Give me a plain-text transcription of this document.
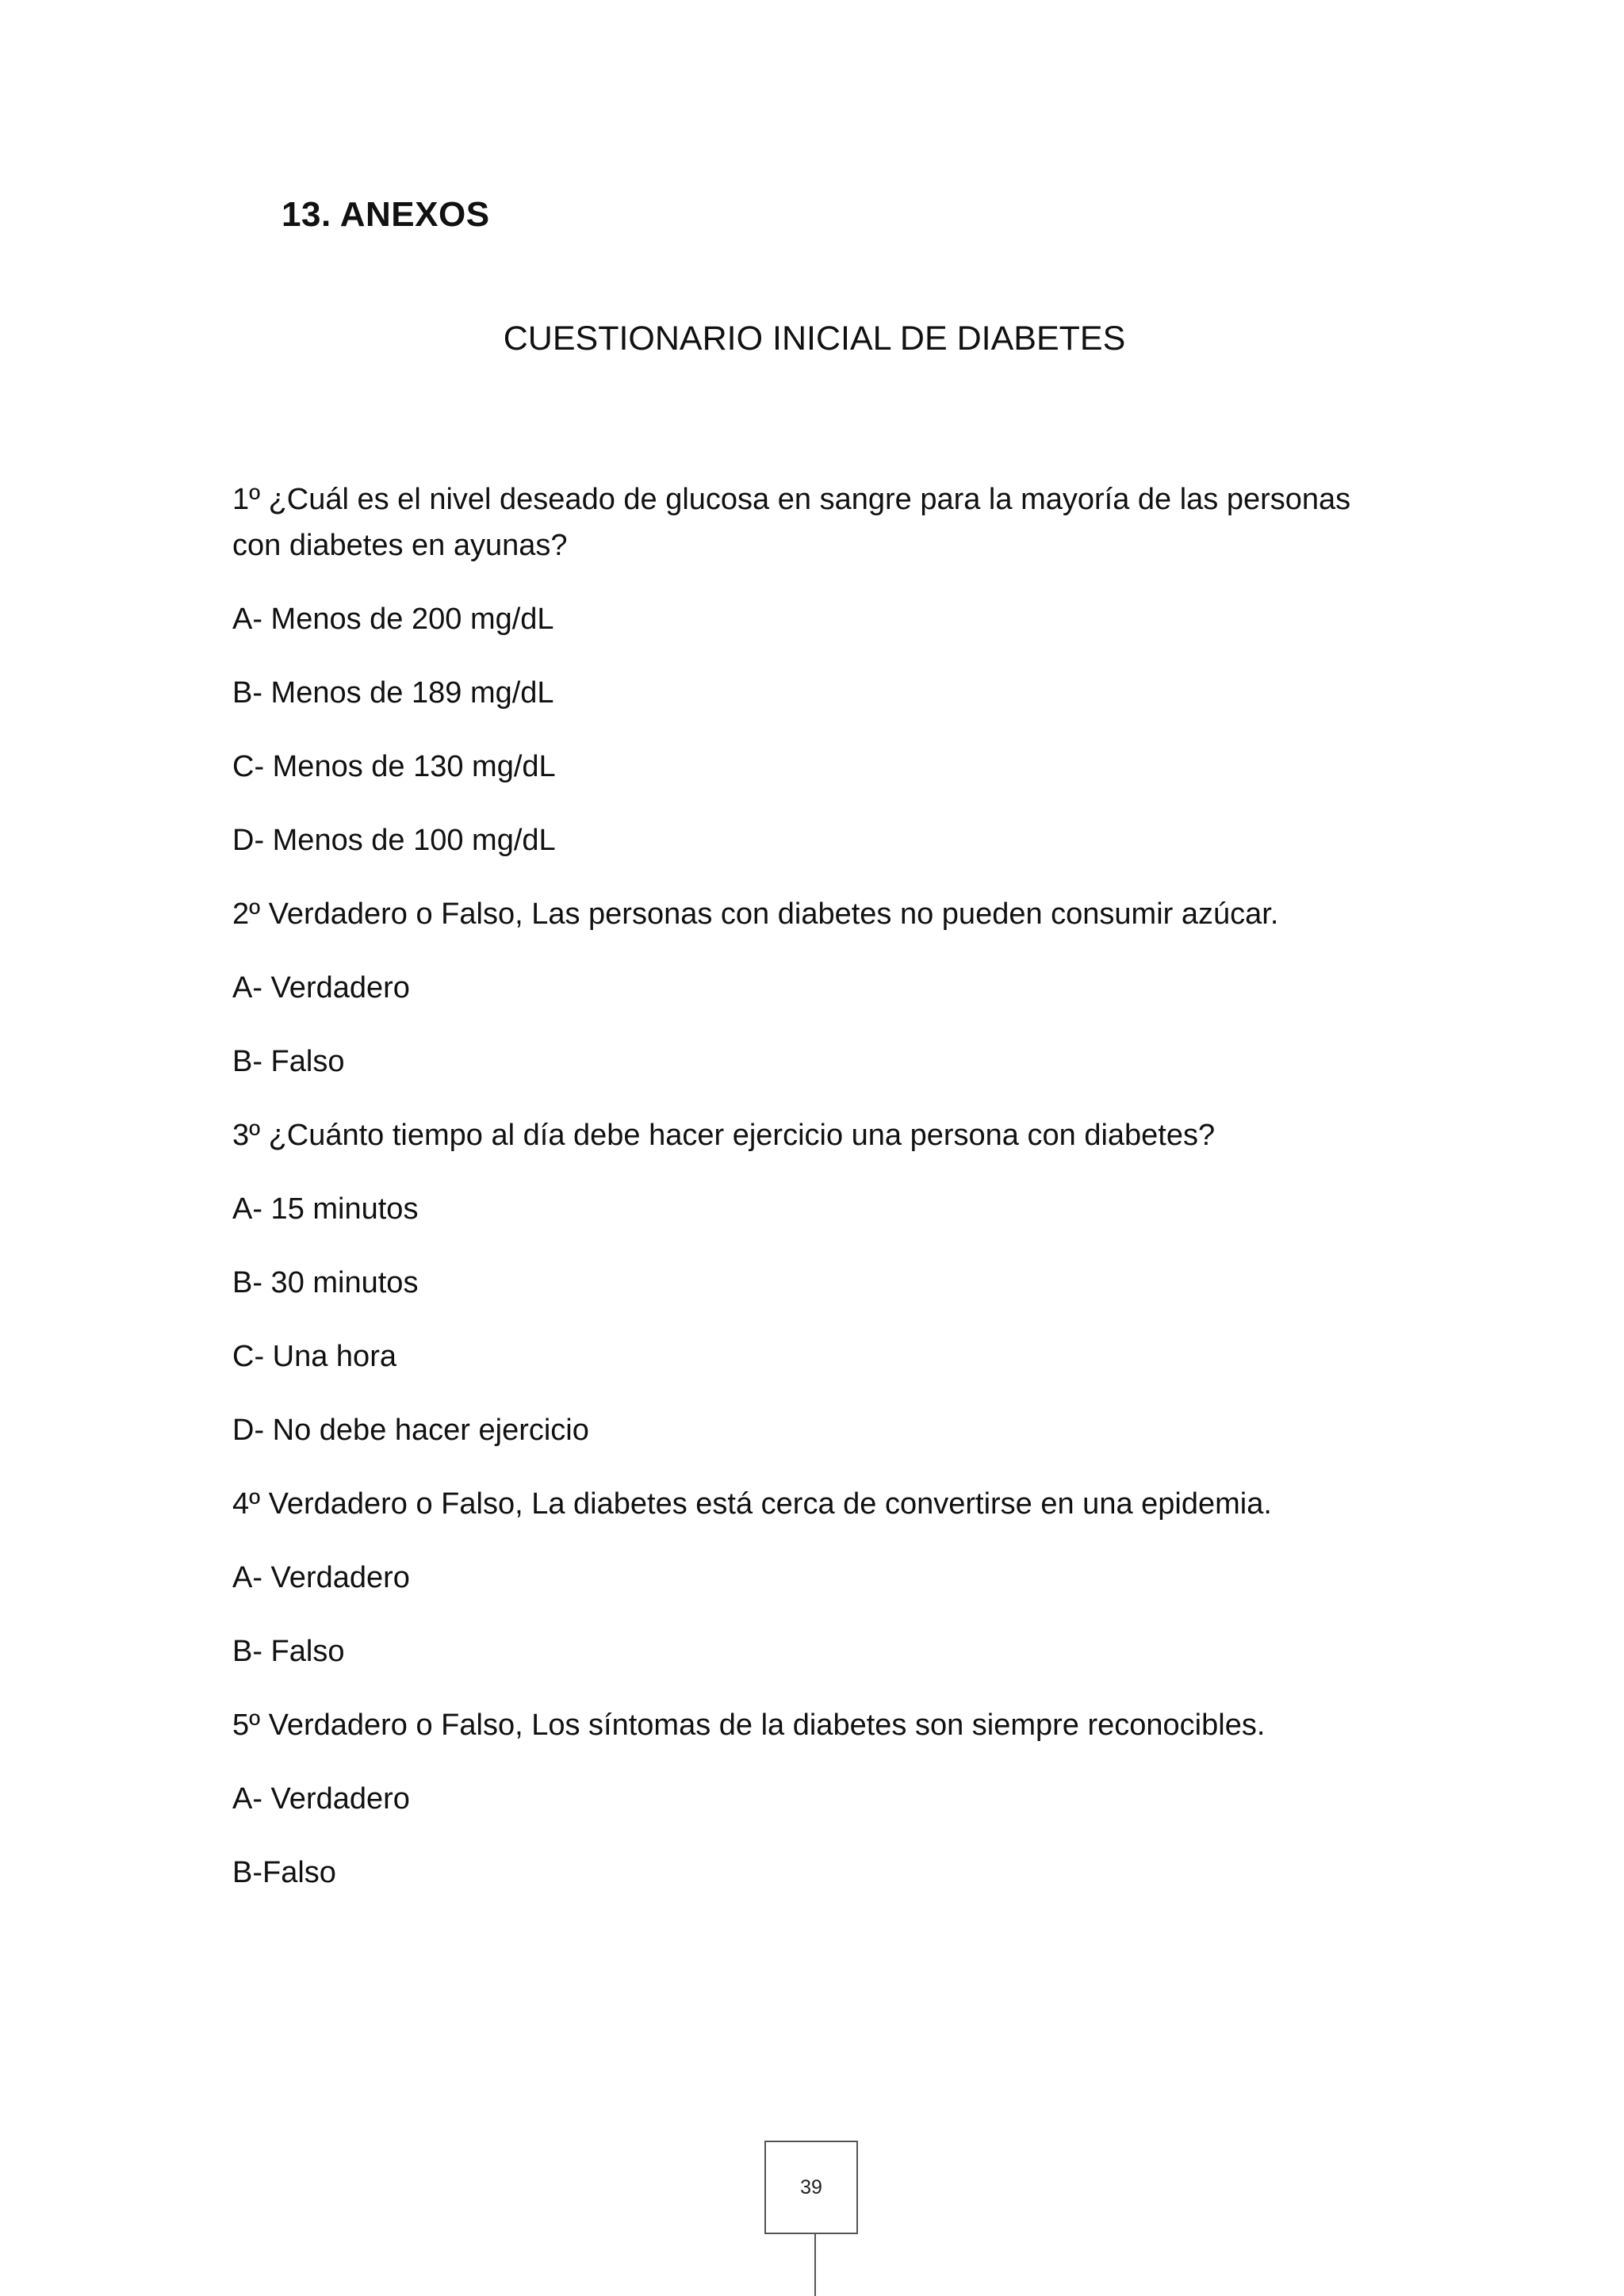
13. ANEXOS
CUESTIONARIO INICIAL DE DIABETES

1º ¿Cuál es el nivel deseado de glucosa en sangre para la mayoría de las personas con diabetes en ayunas?

A- Menos de 200 mg/dL

B- Menos de 189 mg/dL

C- Menos de 130 mg/dL

D- Menos de 100 mg/dL

2º Verdadero o Falso, Las personas con diabetes no pueden consumir azúcar.

A- Verdadero

B- Falso

3º ¿Cuánto tiempo al día debe hacer ejercicio una persona con diabetes?

A- 15 minutos

B- 30 minutos

C- Una hora

D- No debe hacer ejercicio

4º Verdadero o Falso, La diabetes está cerca de convertirse en una epidemia.

A- Verdadero

B- Falso

5º Verdadero o Falso, Los síntomas de la diabetes son siempre reconocibles.

A- Verdadero

B-Falso

39
